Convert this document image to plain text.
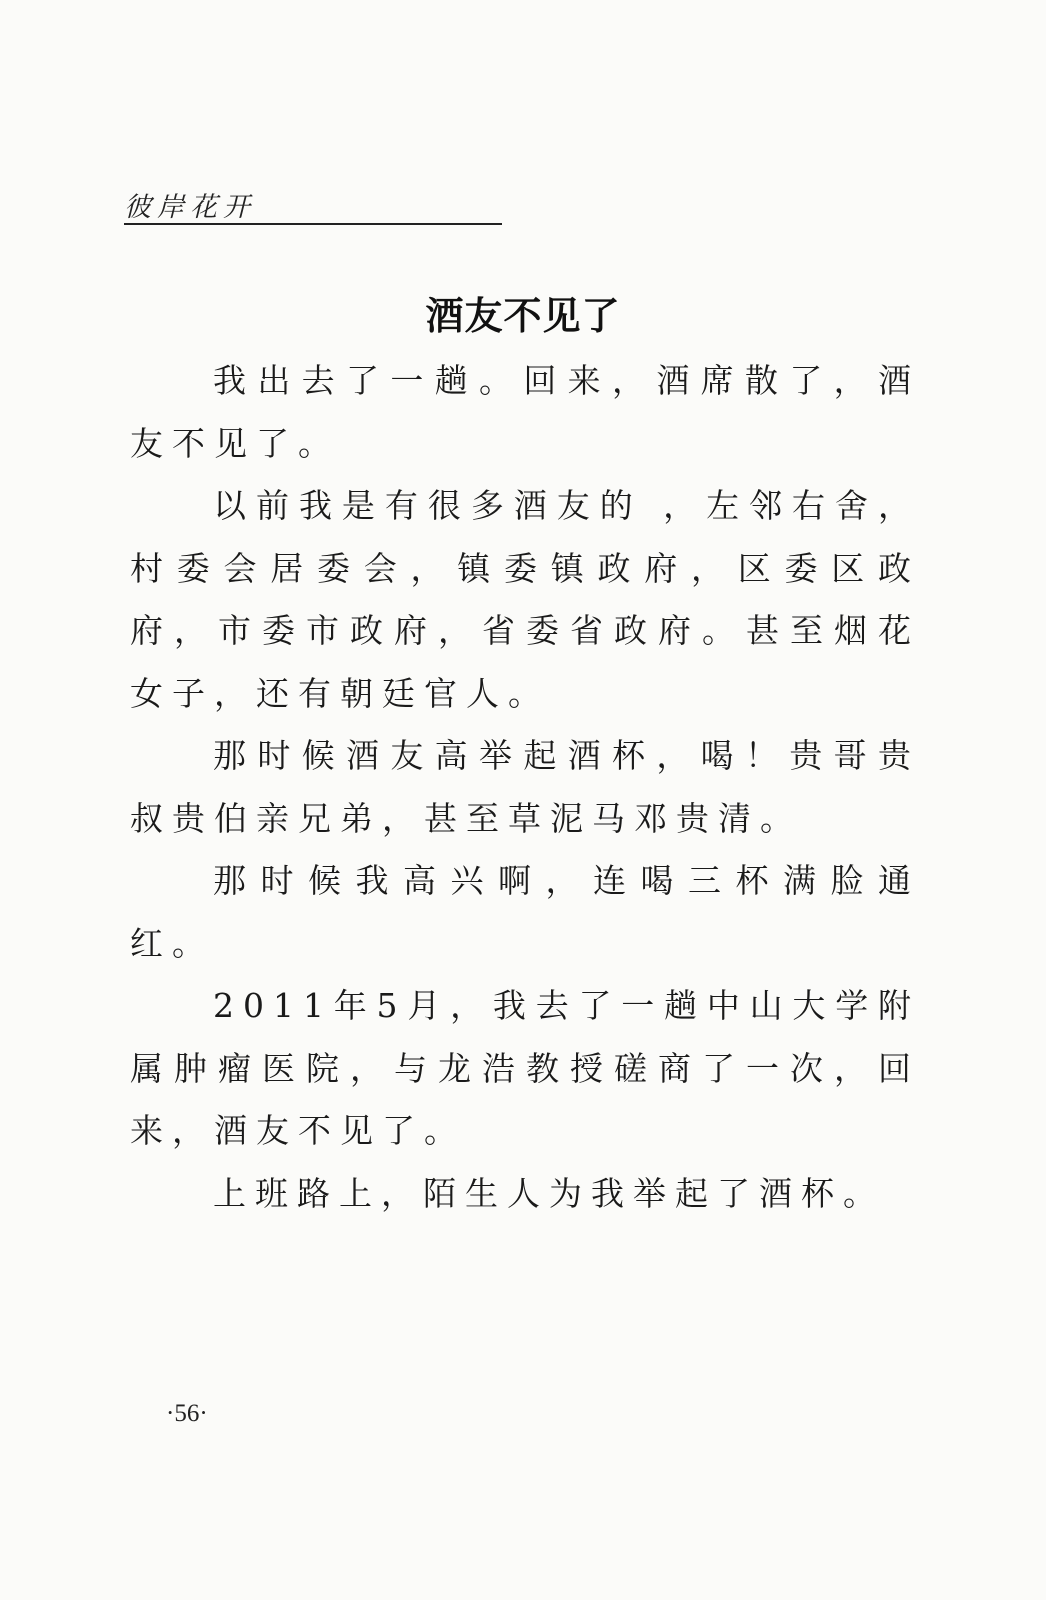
彼岸花开
酒友不见了

我出去了一趟。回来，酒席散了，酒友不见了。

以前我是有很多酒友的 ，左邻右舍，村委会居委会，镇委镇政府，区委区政府，市委市政府，省委省政府。甚至烟花女子，还有朝廷官人。

那时候酒友高举起酒杯，喝！贵哥贵叔贵伯亲兄弟，甚至草泥马邓贵清。

那时候我高兴啊，连喝三杯满脸通红。

2011年5月，我去了一趟中山大学附属肿瘤医院，与龙浩教授磋商了一次，回来，酒友不见了。

上班路上，陌生人为我举起了酒杯。

·56·
